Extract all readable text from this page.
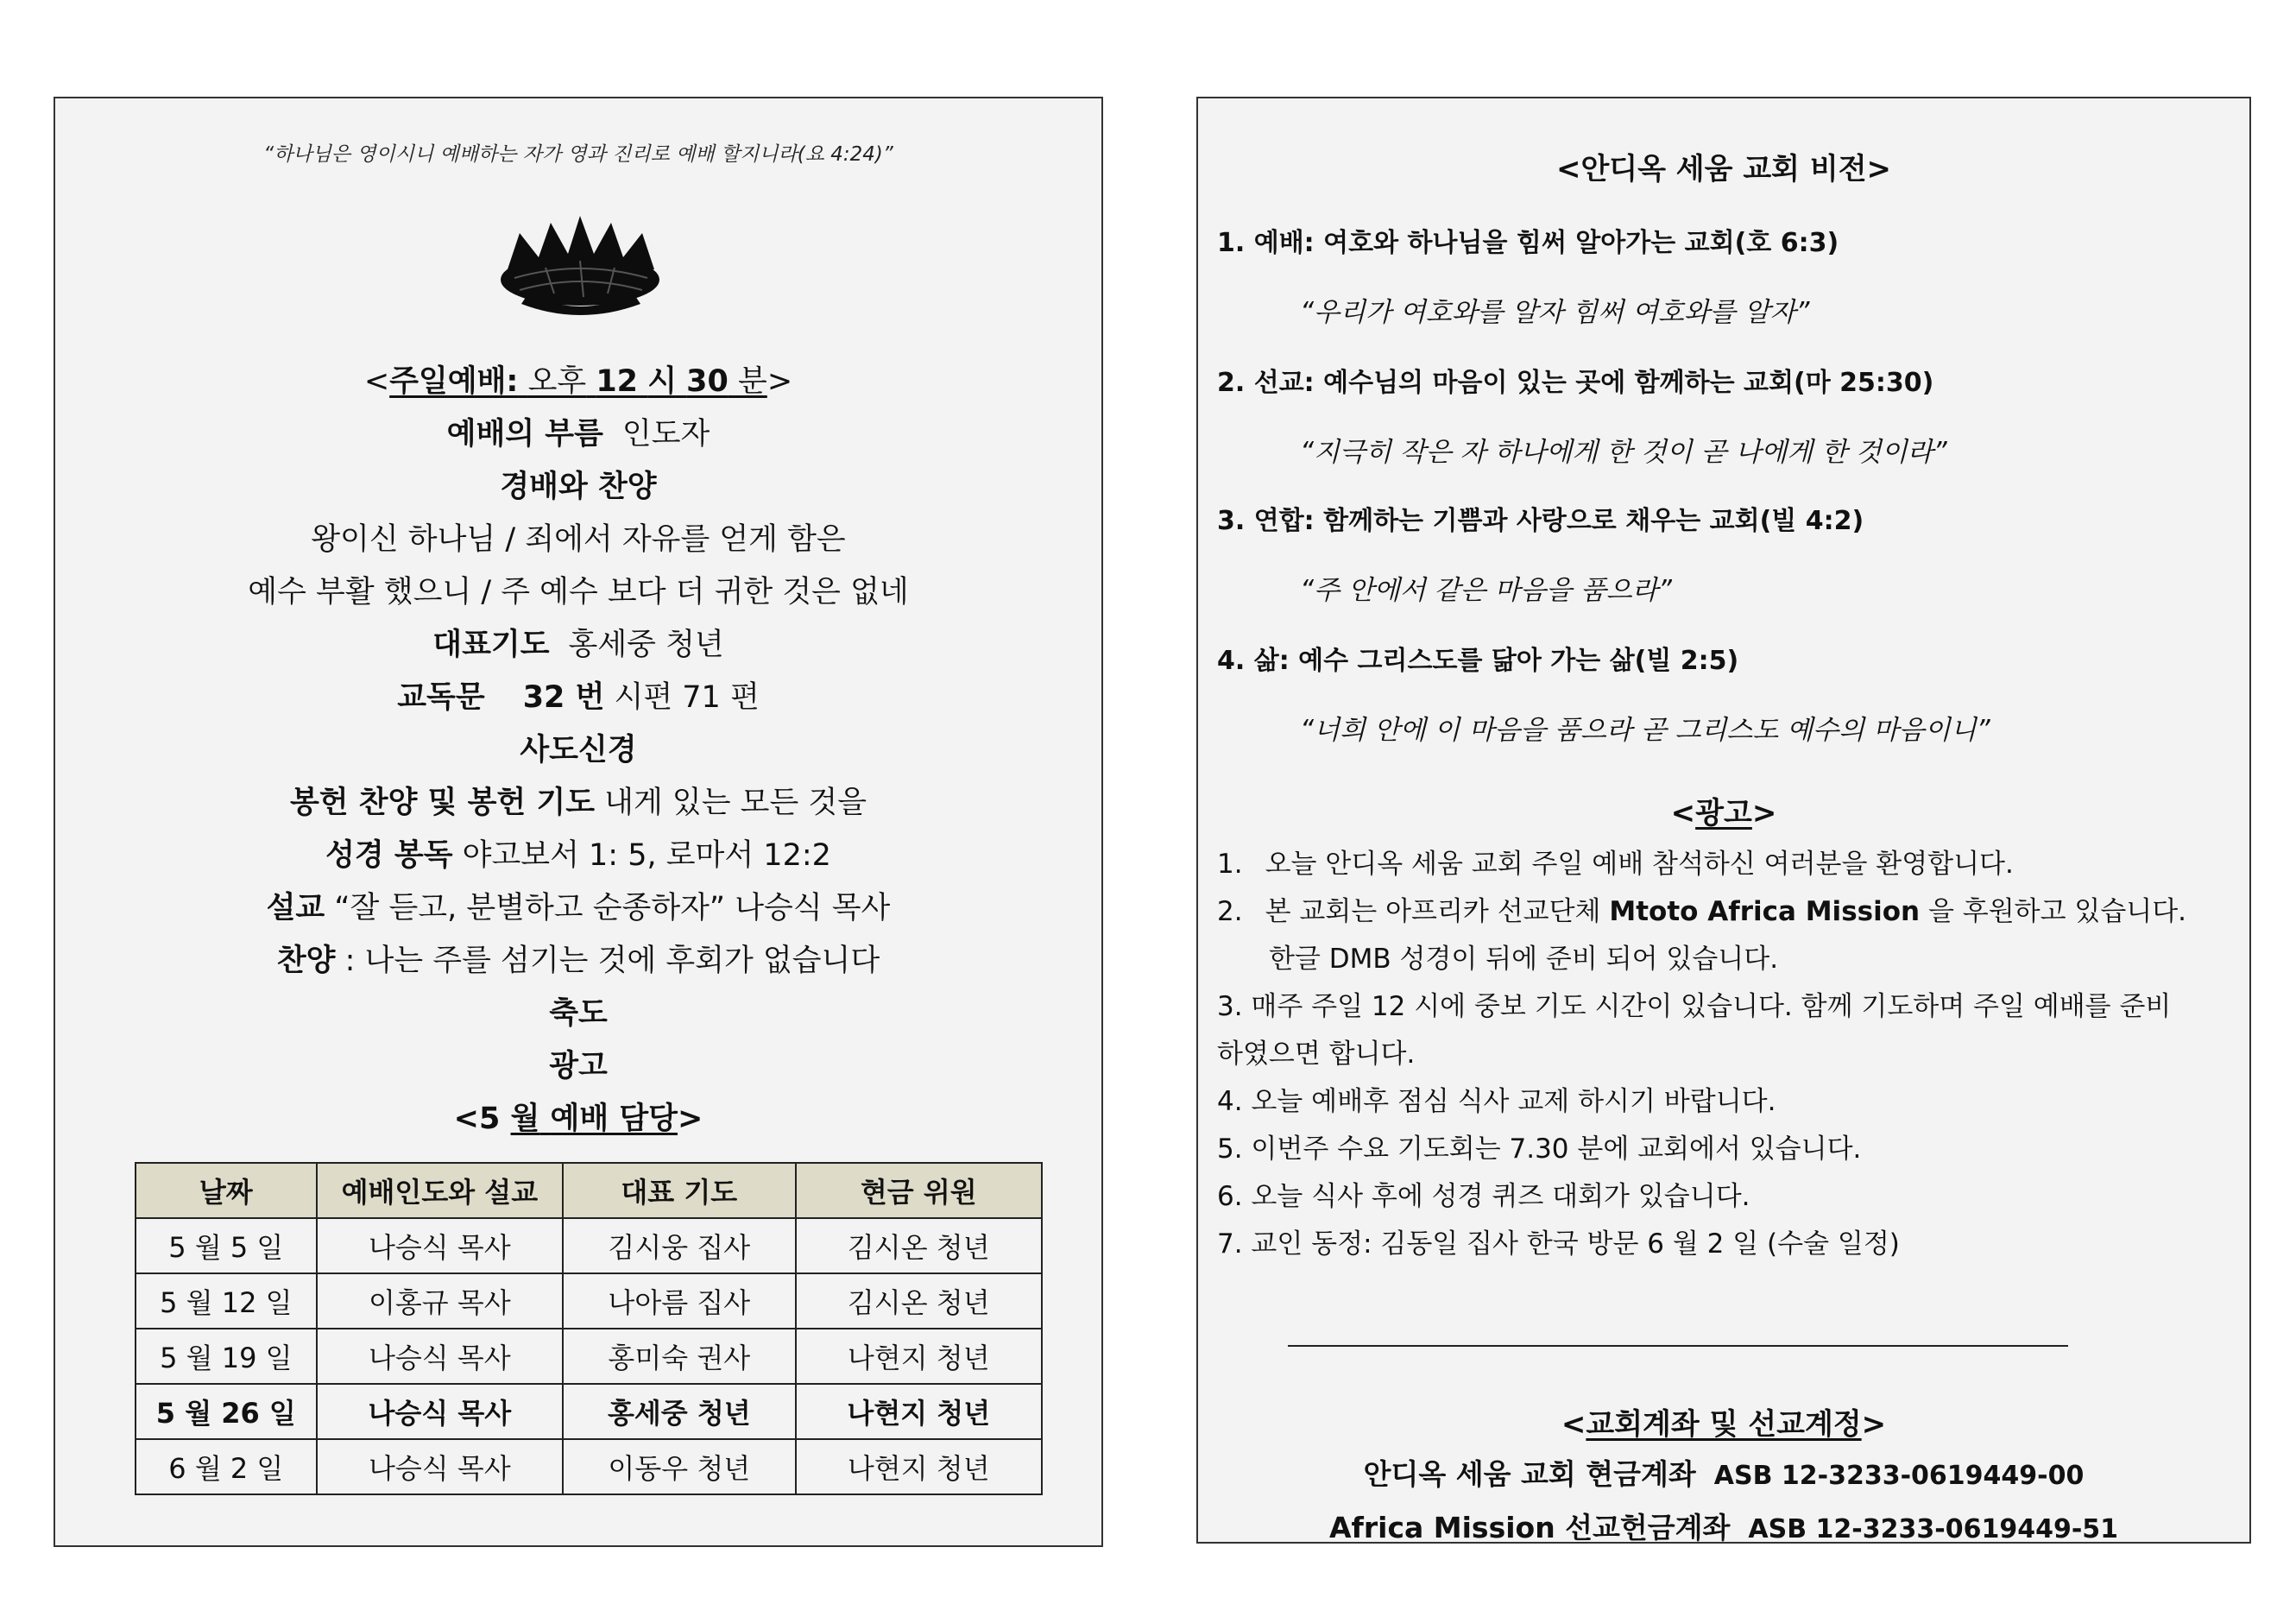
“하나님은 영이시니 예배하는 자가 영과 진리로 예배 할지니라(요 4:24)”
<주일예배: 오후 12 시 30 분>
예배의 부름 인도자
경배와 찬양
왕이신 하나님 / 죄에서 자유를 얻게 함은
예수 부활 했으니 / 주 예수 보다 더 귀한 것은 없네
대표기도 홍세중 청년
교독문 32 번 시편 71 편
사도신경
봉헌 찬양 및 봉헌 기도 내게 있는 모든 것을
성경 봉독 야고보서 1: 5, 로마서 12:2
설교 “잘 듣고, 분별하고 순종하자” 나승식 목사
찬양 : 나는 주를 섬기는 것에 후회가 없습니다
축도
광고
<5 월 예배 담당>
날짜	예배인도와 설교	대표 기도	현금 위원
5 월 5 일	나승식 목사	김시웅 집사	김시온 청년
5 월 12 일	이홍규 목사	나아름 집사	김시온 청년
5 월 19 일	나승식 목사	홍미숙 권사	나현지 청년
5 월 26 일	나승식 목사	홍세중 청년	나현지 청년
6 월 2 일	나승식 목사	이동우 청년	나현지 청년
<안디옥 세움 교회 비전>
1. 예배: 여호와 하나님을 힘써 알아가는 교회(호 6:3)
“우리가 여호와를 알자 힘써 여호와를 알자”
2. 선교: 예수님의 마음이 있는 곳에 함께하는 교회(마 25:30)
“지극히 작은 자 하나에게 한 것이 곧 나에게 한 것이라”
3. 연합: 함께하는 기쁨과 사랑으로 채우는 교회(빌 4:2)
“주 안에서 같은 마음을 품으라”
4. 삶: 예수 그리스도를 닮아 가는 삶(빌 2:5)
“너희 안에 이 마음을 품으라 곧 그리스도 예수의 마음이니”
<광고>
1. 오늘 안디옥 세움 교회 주일 예배 참석하신 여러분을 환영합니다.
2. 본 교회는 아프리카 선교단체 Mtoto Africa Mission 을 후원하고 있습니다.
한글 DMB 성경이 뒤에 준비 되어 있습니다.
3. 매주 주일 12 시에 중보 기도 시간이 있습니다. 함께 기도하며 주일 예배를 준비
하였으면 합니다.
4. 오늘 예배후 점심 식사 교제 하시기 바랍니다.
5. 이번주 수요 기도회는 7.30 분에 교회에서 있습니다.
6. 오늘 식사 후에 성경 퀴즈 대회가 있습니다.
7. 교인 동정: 김동일 집사 한국 방문 6 월 2 일 (수술 일정)
<교회계좌 및 선교계정>
안디옥 세움 교회 현금계좌 ASB 12-3233-0619449-00
Africa Mission 선교헌금계좌 ASB 12-3233-0619449-51
